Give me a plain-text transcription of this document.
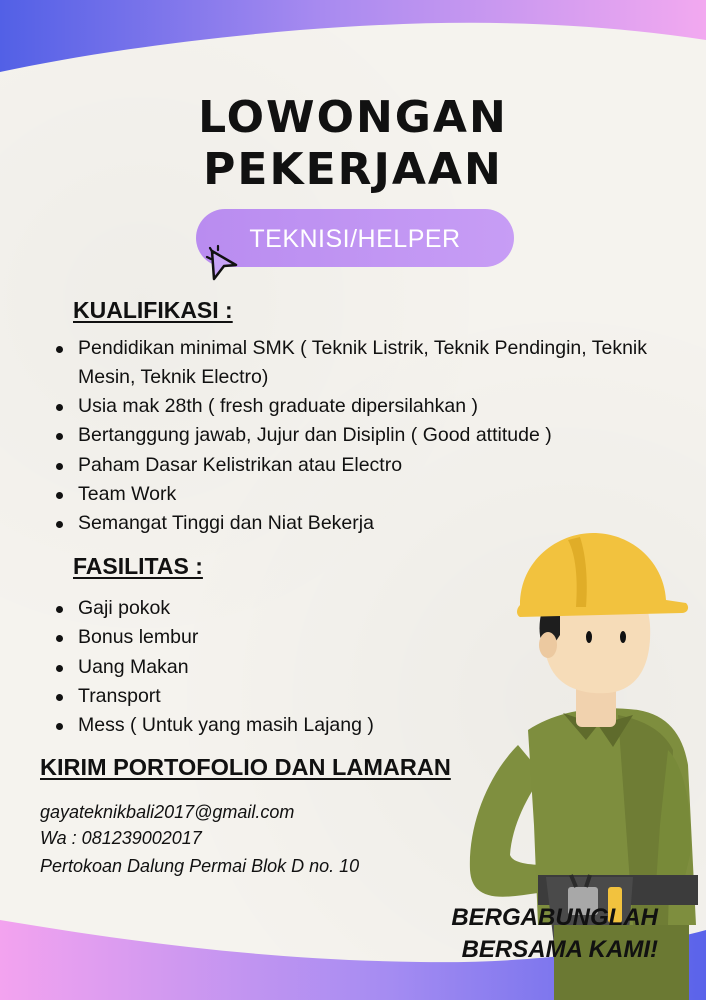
LOWONGAN
PEKERJAAN
TEKNISI/HELPER
KUALIFIKASI :
Pendidikan minimal SMK ( Teknik Listrik, Teknik Pendingin, Teknik Mesin, Teknik Electro)
Usia mak 28th ( fresh graduate dipersilahkan )
Bertanggung jawab, Jujur dan Disiplin ( Good attitude )
Paham Dasar Kelistrikan atau Electro
Team Work
Semangat Tinggi dan Niat Bekerja
FASILITAS :
Gaji pokok
Bonus lembur
Uang Makan
Transport
Mess ( Untuk yang masih Lajang )
KIRIM PORTOFOLIO DAN LAMARAN
gayateknikbali2017@gmail.com
Wa : 081239002017
Pertokoan Dalung Permai Blok D no. 10
BERGABUNGLAH
BERSAMA KAMI!
